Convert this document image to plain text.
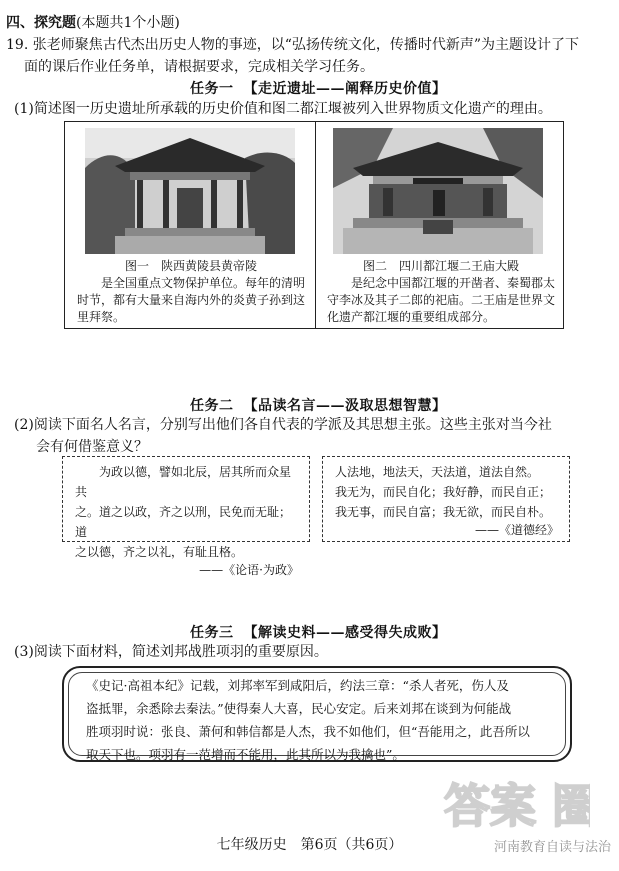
四、探究题(本题共1个小题)
19. 张老师聚焦古代杰出历史人物的事迹，以“弘扬传统文化，传播时代新声”为主题设计了下
面的课后作业任务单，请根据要求，完成相关学习任务。
任务一 【走近遗址——阐释历史价值】
(1)简述图一历史遗址所承载的历史价值和图二都江堰被列入世界物质文化遗产的理由。
图一　陕西黄陵县黄帝陵
是全国重点文物保护单位。每年的清明时节，都有大量来自海内外的炎黄子孙到这里拜祭。
图二　四川都江堰二王庙大殿
是纪念中国都江堰的开凿者、秦蜀郡太守李冰及其子二郎的祀庙。二王庙是世界文化遗产都江堰的重要组成部分。
任务二 【品读名言——汲取思想智慧】
(2)阅读下面名人名言，分别写出他们各自代表的学派及其思想主张。这些主张对当今社
会有何借鉴意义？
为政以德，譬如北辰，居其所而众星共
之。道之以政，齐之以刑，民免而无耻；道
之以德，齐之以礼，有耻且格。
——《论语·为政》
人法地，地法天，天法道，道法自然。
我无为，而民自化；我好静，而民自正；
我无事，而民自富；我无欲，而民自朴。
——《道德经》
任务三 【解读史料——感受得失成败】
(3)阅读下面材料，简述刘邦战胜项羽的重要原因。
《史记·高祖本纪》记载，刘邦率军到咸阳后，约法三章：“杀人者死，伤人及
盗抵罪，余悉除去秦法。”使得秦人大喜，民心安定。后来刘邦在谈到为何能战
胜项羽时说：张良、萧何和韩信都是人杰，我不如他们，但“吾能用之，此吾所以
取天下也。项羽有一范增而不能用，此其所以为我擒也”。
答案 圈
七年级历史　第6页（共6页）	河南教育自读与法治
